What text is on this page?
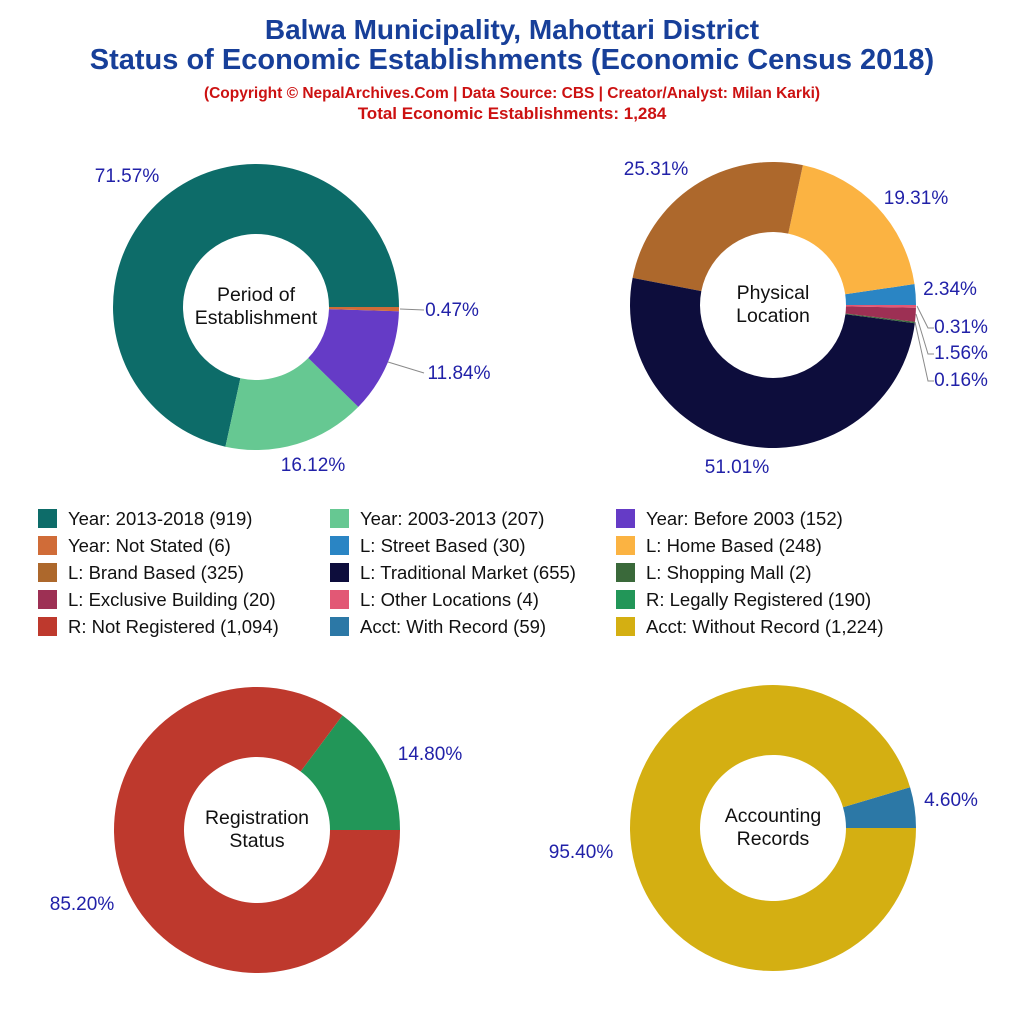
Balwa Municipality, Mahottari District
Status of Economic Establishments (Economic Census 2018)
(Copyright © NepalArchives.Com | Data Source: CBS | Creator/Analyst: Milan Karki)
Total Economic Establishments: 1,284
71.57%
16.12%
11.84%
0.47%
Period of
Establishment
2.34%
19.31%
25.31%
51.01%
0.16%
1.56%
0.31%
Physical
Location
14.80%
85.20%
Registration
Status
4.60%
95.40%
Accounting
Records
Year: 2013-2018 (919)
Year: Not Stated (6)
L: Brand Based (325)
L: Exclusive Building (20)
R: Not Registered (1,094)
Year: 2003-2013 (207)
L: Street Based (30)
L: Traditional Market (655)
L: Other Locations (4)
Acct: With Record (59)
Year: Before 2003 (152)
L: Home Based (248)
L: Shopping Mall (2)
R: Legally Registered (190)
Acct: Without Record (1,224)
